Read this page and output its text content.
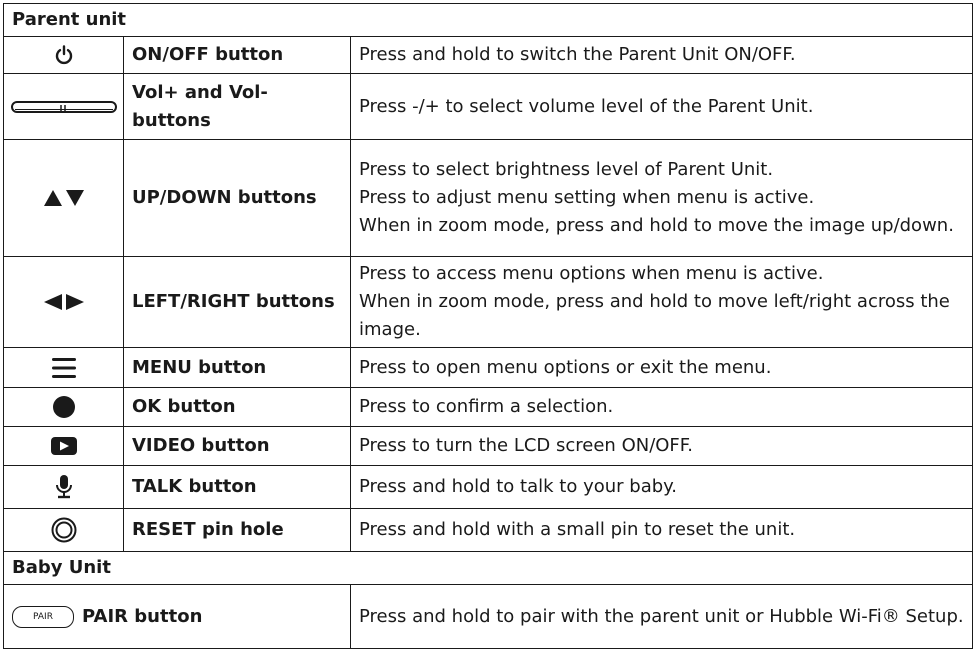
Parent unit		

	ON/OFF button	Press and hold to switch the Parent Unit ON/OFF.

	Vol+ and Vol- buttons	Press -/+ to select volume level of the Parent Unit.

	UP/DOWN buttons	Press to select brightness level of Parent Unit.
Press to adjust menu setting when menu is active.
When in zoom mode, press and hold to move the image up/down.

	LEFT/RIGHT buttons	Press to access menu options when menu is active.
When in zoom mode, press and hold to move left/right across the image.

	MENU button	Press to open menu options or exit the menu.

	OK button	Press to confirm a selection.

	VIDEO button	Press to turn the LCD screen ON/OFF.

	TALK button	Press and hold to talk to your baby.

	RESET pin hole	Press and hold with a small pin to reset the unit.

Baby Unit		

PAIR PAIR button		Press and hold to pair with the parent unit or Hubble Wi-Fi® Setup.
